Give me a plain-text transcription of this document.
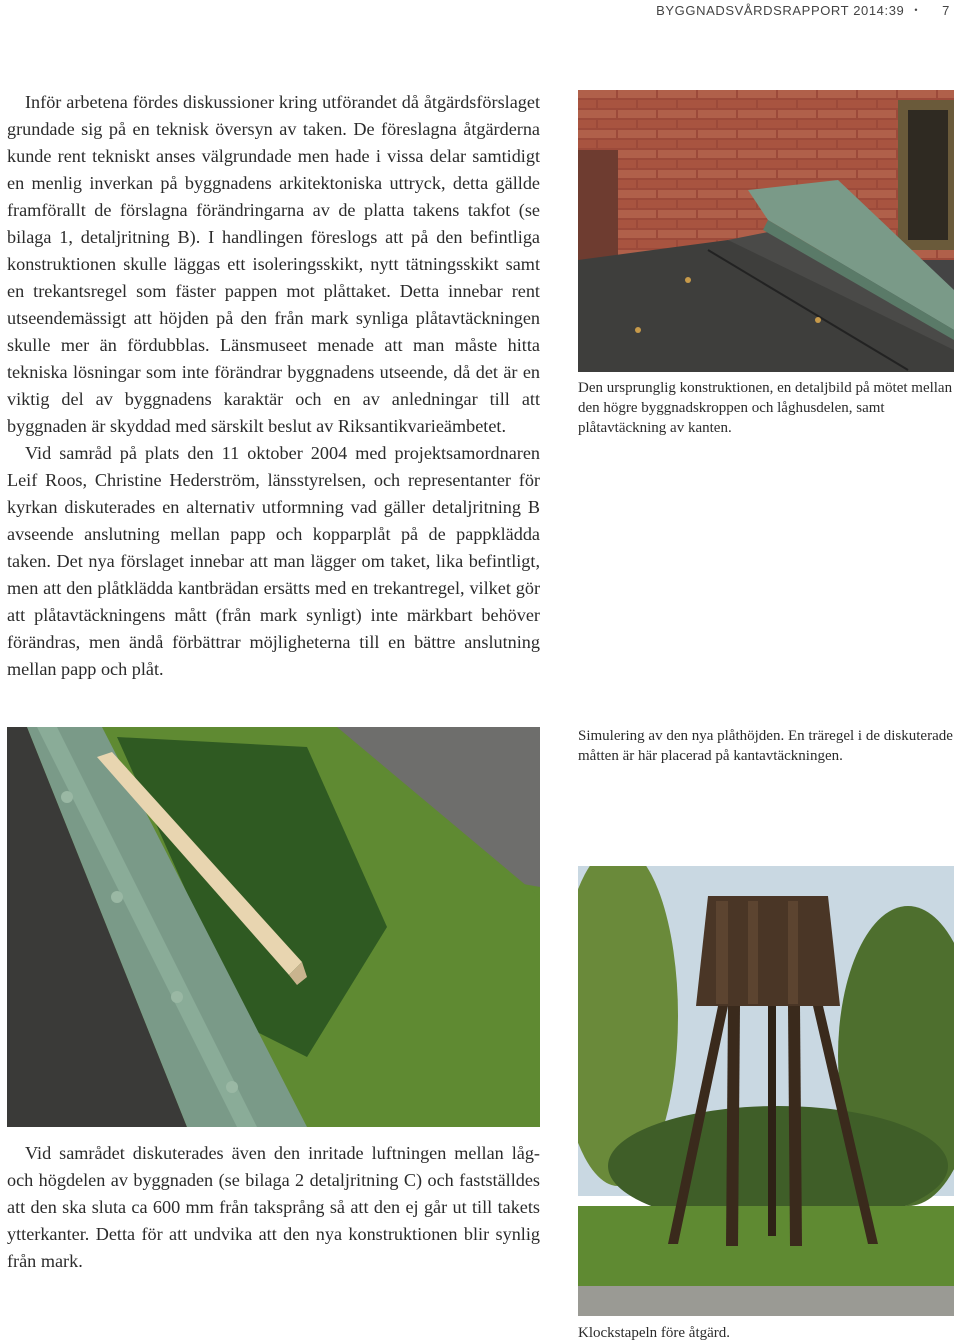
BYGGNADSVÅRDSRAPPORT 2014:39 • 7

Inför arbetena fördes diskussioner kring utförandet då åtgärdsförslaget grundade sig på en teknisk översyn av taken. De föreslagna åtgärderna kunde rent tekniskt anses välgrundade men hade i vissa delar samtidigt en menlig inverkan på byggnadens arkitektoniska uttryck, detta gällde framförallt de förslagna förändringarna av de platta takens takfot (se bilaga 1, detaljritning B). I handlingen föreslogs att på den befintliga konstruktionen skulle läggas ett isoleringsskikt, nytt tätningsskikt samt en trekantsregel som fäster pappen mot plåttaket. Detta innebar rent utseendemässigt att höjden på den från mark synliga plåtavtäckningen skulle mer än fördubblas. Länsmuseet menade att man måste hitta tekniska lösningar som inte förändrar byggnadens utseende, då det är en viktig del av byggnadens karaktär och en av anledningar till att byggnaden är skyddad med särskilt beslut av Riksantikvarieämbetet.

Vid samråd på plats den 11 oktober 2004 med projektsamordnaren Leif Roos, Christine Hederström, länsstyrelsen, och representanter för kyrkan diskuterades en alternativ utformning vad gäller detaljritning B avseende anslutning mellan papp och kopparplåt på de pappklädda taken. Det nya förslaget innebar att man lägger om taket, lika befintligt, men att den plåtklädda kantbrädan ersätts med en trekantregel, vilket gör att plåtavtäckningens mått (från mark synligt) inte märkbart behöver förändras, men ändå förbättrar möjligheterna till en bättre anslutning mellan papp och plåt.

Den ursprunglig konstruktionen, en detaljbild på mötet mellan den högre byggnadskroppen och låghusdelen, samt plåtavtäckning av kanten.
Simulering av den nya plåthöjden. En träregel i de diskuterade måtten är här placerad på kantavtäckningen.

Vid samrådet diskuterades även den inritade luftningen mellan låg- och högdelen av byggnaden (se bilaga 2 detaljritning C) och fastställdes att den ska sluta ca 600 mm från taksprång så att den ej går ut till takets ytterkanter. Detta för att undvika att den nya konstruktionen blir synlig från mark.

Klockstapeln före åtgärd.
